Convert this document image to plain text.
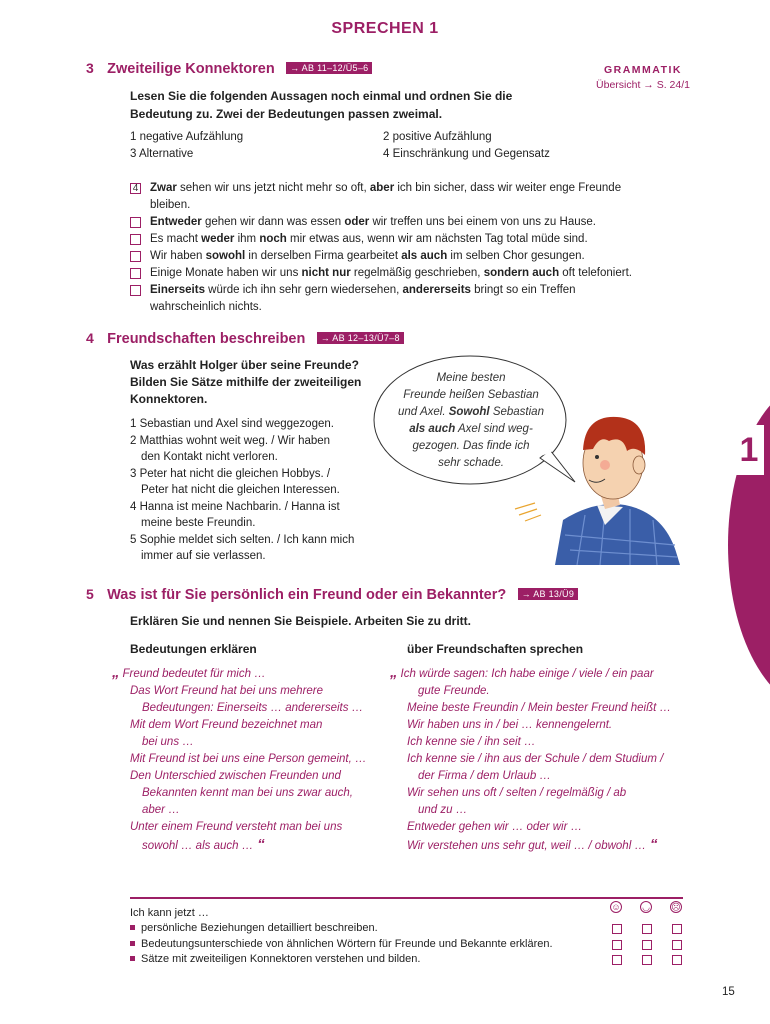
SPRECHEN 1
1
GRAMMATIK
Übersicht → S. 24/1
3 Zweiteilige Konnektoren → AB 11–12/Ü5–6
Lesen Sie die folgenden Aussagen noch einmal und ordnen Sie die
Bedeutung zu. Zwei der Bedeutungen passen zweimal.
1 negative Aufzählung	2 positive Aufzählung
3 Alternative	4 Einschränkung und Gegensatz
4 Zwar sehen wir uns jetzt nicht mehr so oft, aber ich bin sicher, dass wir weiter enge Freunde
bleiben.
Entweder gehen wir dann was essen oder wir treffen uns bei einem von uns zu Hause.
Es macht weder ihm noch mir etwas aus, wenn wir am nächsten Tag total müde sind.
Wir haben sowohl in derselben Firma gearbeitet als auch im selben Chor gesungen.
Einige Monate haben wir uns nicht nur regelmäßig geschrieben, sondern auch oft telefoniert.
Einerseits würde ich ihn sehr gern wiedersehen, andererseits bringt so ein Treffen
wahrscheinlich nichts.
4 Freundschaften beschreiben → AB 12–13/Ü7–8
Was erzählt Holger über seine Freunde?
Bilden Sie Sätze mithilfe der zweiteiligen
Konnektoren.
1 Sebastian und Axel sind weggezogen.
2 Matthias wohnt weit weg. / Wir haben
den Kontakt nicht verloren.
3 Peter hat nicht die gleichen Hobbys. /
Peter hat nicht die gleichen Interessen.
4 Hanna ist meine Nachbarin. / Hanna ist
meine beste Freundin.
5 Sophie meldet sich selten. / Ich kann mich
immer auf sie verlassen.
Meine besten
Freunde heißen Sebastian
und Axel. Sowohl Sebastian
als auch Axel sind weg-
gezogen. Das finde ich
sehr schade.
5 Was ist für Sie persönlich ein Freund oder ein Bekannter? → AB 13/Ü9
Erklären Sie und nennen Sie Beispiele. Arbeiten Sie zu dritt.
Bedeutungen erklären	über Freundschaften sprechen
„ Freund bedeutet für mich …
Das Wort Freund hat bei uns mehrere
Bedeutungen: Einerseits … andererseits …
Mit dem Wort Freund bezeichnet man
bei uns …
Mit Freund ist bei uns eine Person gemeint, …
Den Unterschied zwischen Freunden und
Bekannten kennt man bei uns zwar auch,
aber …
Unter einem Freund versteht man bei uns
sowohl … als auch … “
„ Ich würde sagen: Ich habe einige / viele / ein paar
gute Freunde.
Meine beste Freundin / Mein bester Freund heißt …
Wir haben uns in / bei … kennengelernt.
Ich kenne sie / ihn seit …
Ich kenne sie / ihn aus der Schule / dem Studium /
der Firma / dem Urlaub …
Wir sehen uns oft / selten / regelmäßig / ab
und zu …
Entweder gehen wir … oder wir …
Wir verstehen uns sehr gut, weil … / obwohl … “
Ich kann jetzt …	☺ ◡ ☹
persönliche Beziehungen detailliert beschreiben.
Bedeutungsunterschiede von ähnlichen Wörtern für Freunde und Bekannte erklären.
Sätze mit zweiteiligen Konnektoren verstehen und bilden.
15
